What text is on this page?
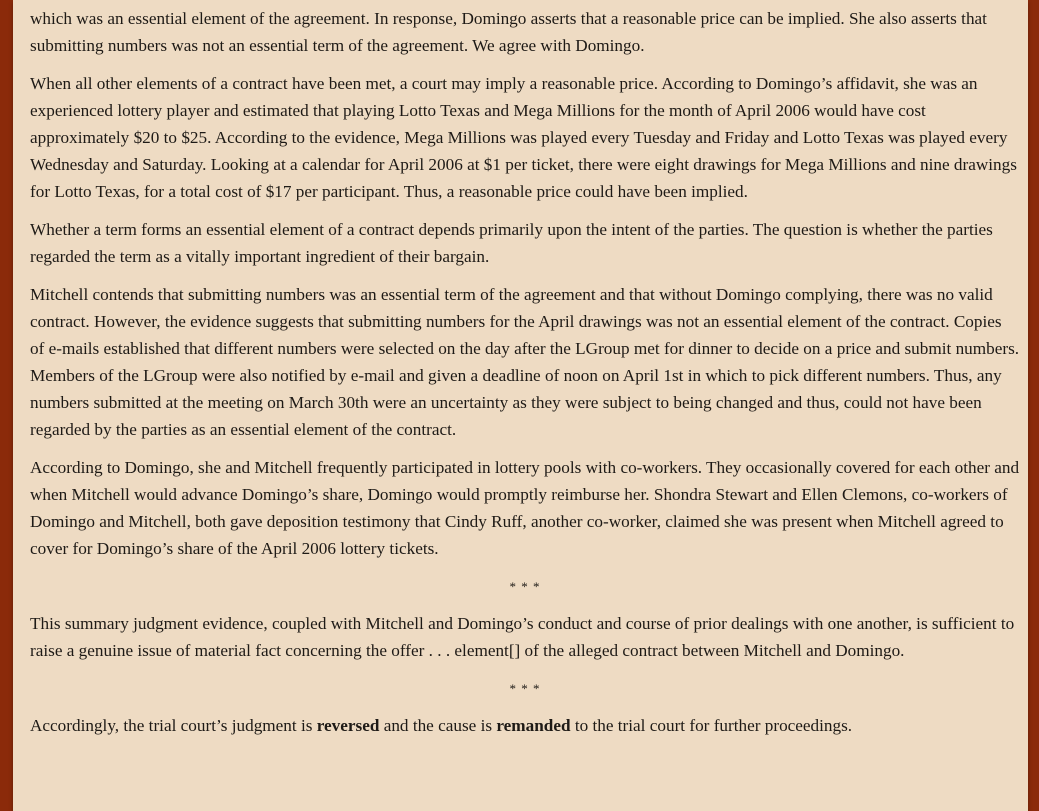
which was an essential element of the agreement. In response, Domingo asserts that a reasonable price can be implied. She also asserts that submitting numbers was not an essential term of the agreement. We agree with Domingo.

When all other elements of a contract have been met, a court may imply a reasonable price. According to Domingo’s affidavit, she was an experienced lottery player and estimated that playing Lotto Texas and Mega Millions for the month of April 2006 would have cost approximately $20 to $25. According to the evidence, Mega Millions was played every Tuesday and Friday and Lotto Texas was played every Wednesday and Saturday. Looking at a calendar for April 2006 at $1 per ticket, there were eight drawings for Mega Millions and nine drawings for Lotto Texas, for a total cost of $17 per participant. Thus, a reasonable price could have been implied.

Whether a term forms an essential element of a contract depends primarily upon the intent of the parties. The question is whether the parties regarded the term as a vitally important ingredient of their bargain.

Mitchell contends that submitting numbers was an essential term of the agreement and that without Domingo complying, there was no valid contract. However, the evidence suggests that submitting numbers for the April drawings was not an essential element of the contract. Copies of e-mails established that different numbers were selected on the day after the LGroup met for dinner to decide on a price and submit numbers. Members of the LGroup were also notified by e-mail and given a deadline of noon on April 1st in which to pick different numbers. Thus, any numbers submitted at the meeting on March 30th were an uncertainty as they were subject to being changed and thus, could not have been regarded by the parties as an essential element of the contract.

According to Domingo, she and Mitchell frequently participated in lottery pools with co-workers. They occasionally covered for each other and when Mitchell would advance Domingo’s share, Domingo would promptly reimburse her. Shondra Stewart and Ellen Clemons, co-workers of Domingo and Mitchell, both gave deposition testimony that Cindy Ruff, another co-worker, claimed she was present when Mitchell agreed to cover for Domingo’s share of the April 2006 lottery tickets.

* * *

This summary judgment evidence, coupled with Mitchell and Domingo’s conduct and course of prior dealings with one another, is sufficient to raise a genuine issue of material fact concerning the offer . . . element[] of the alleged contract between Mitchell and Domingo.

* * *

Accordingly, the trial court’s judgment is reversed and the cause is remanded to the trial court for further proceedings.
